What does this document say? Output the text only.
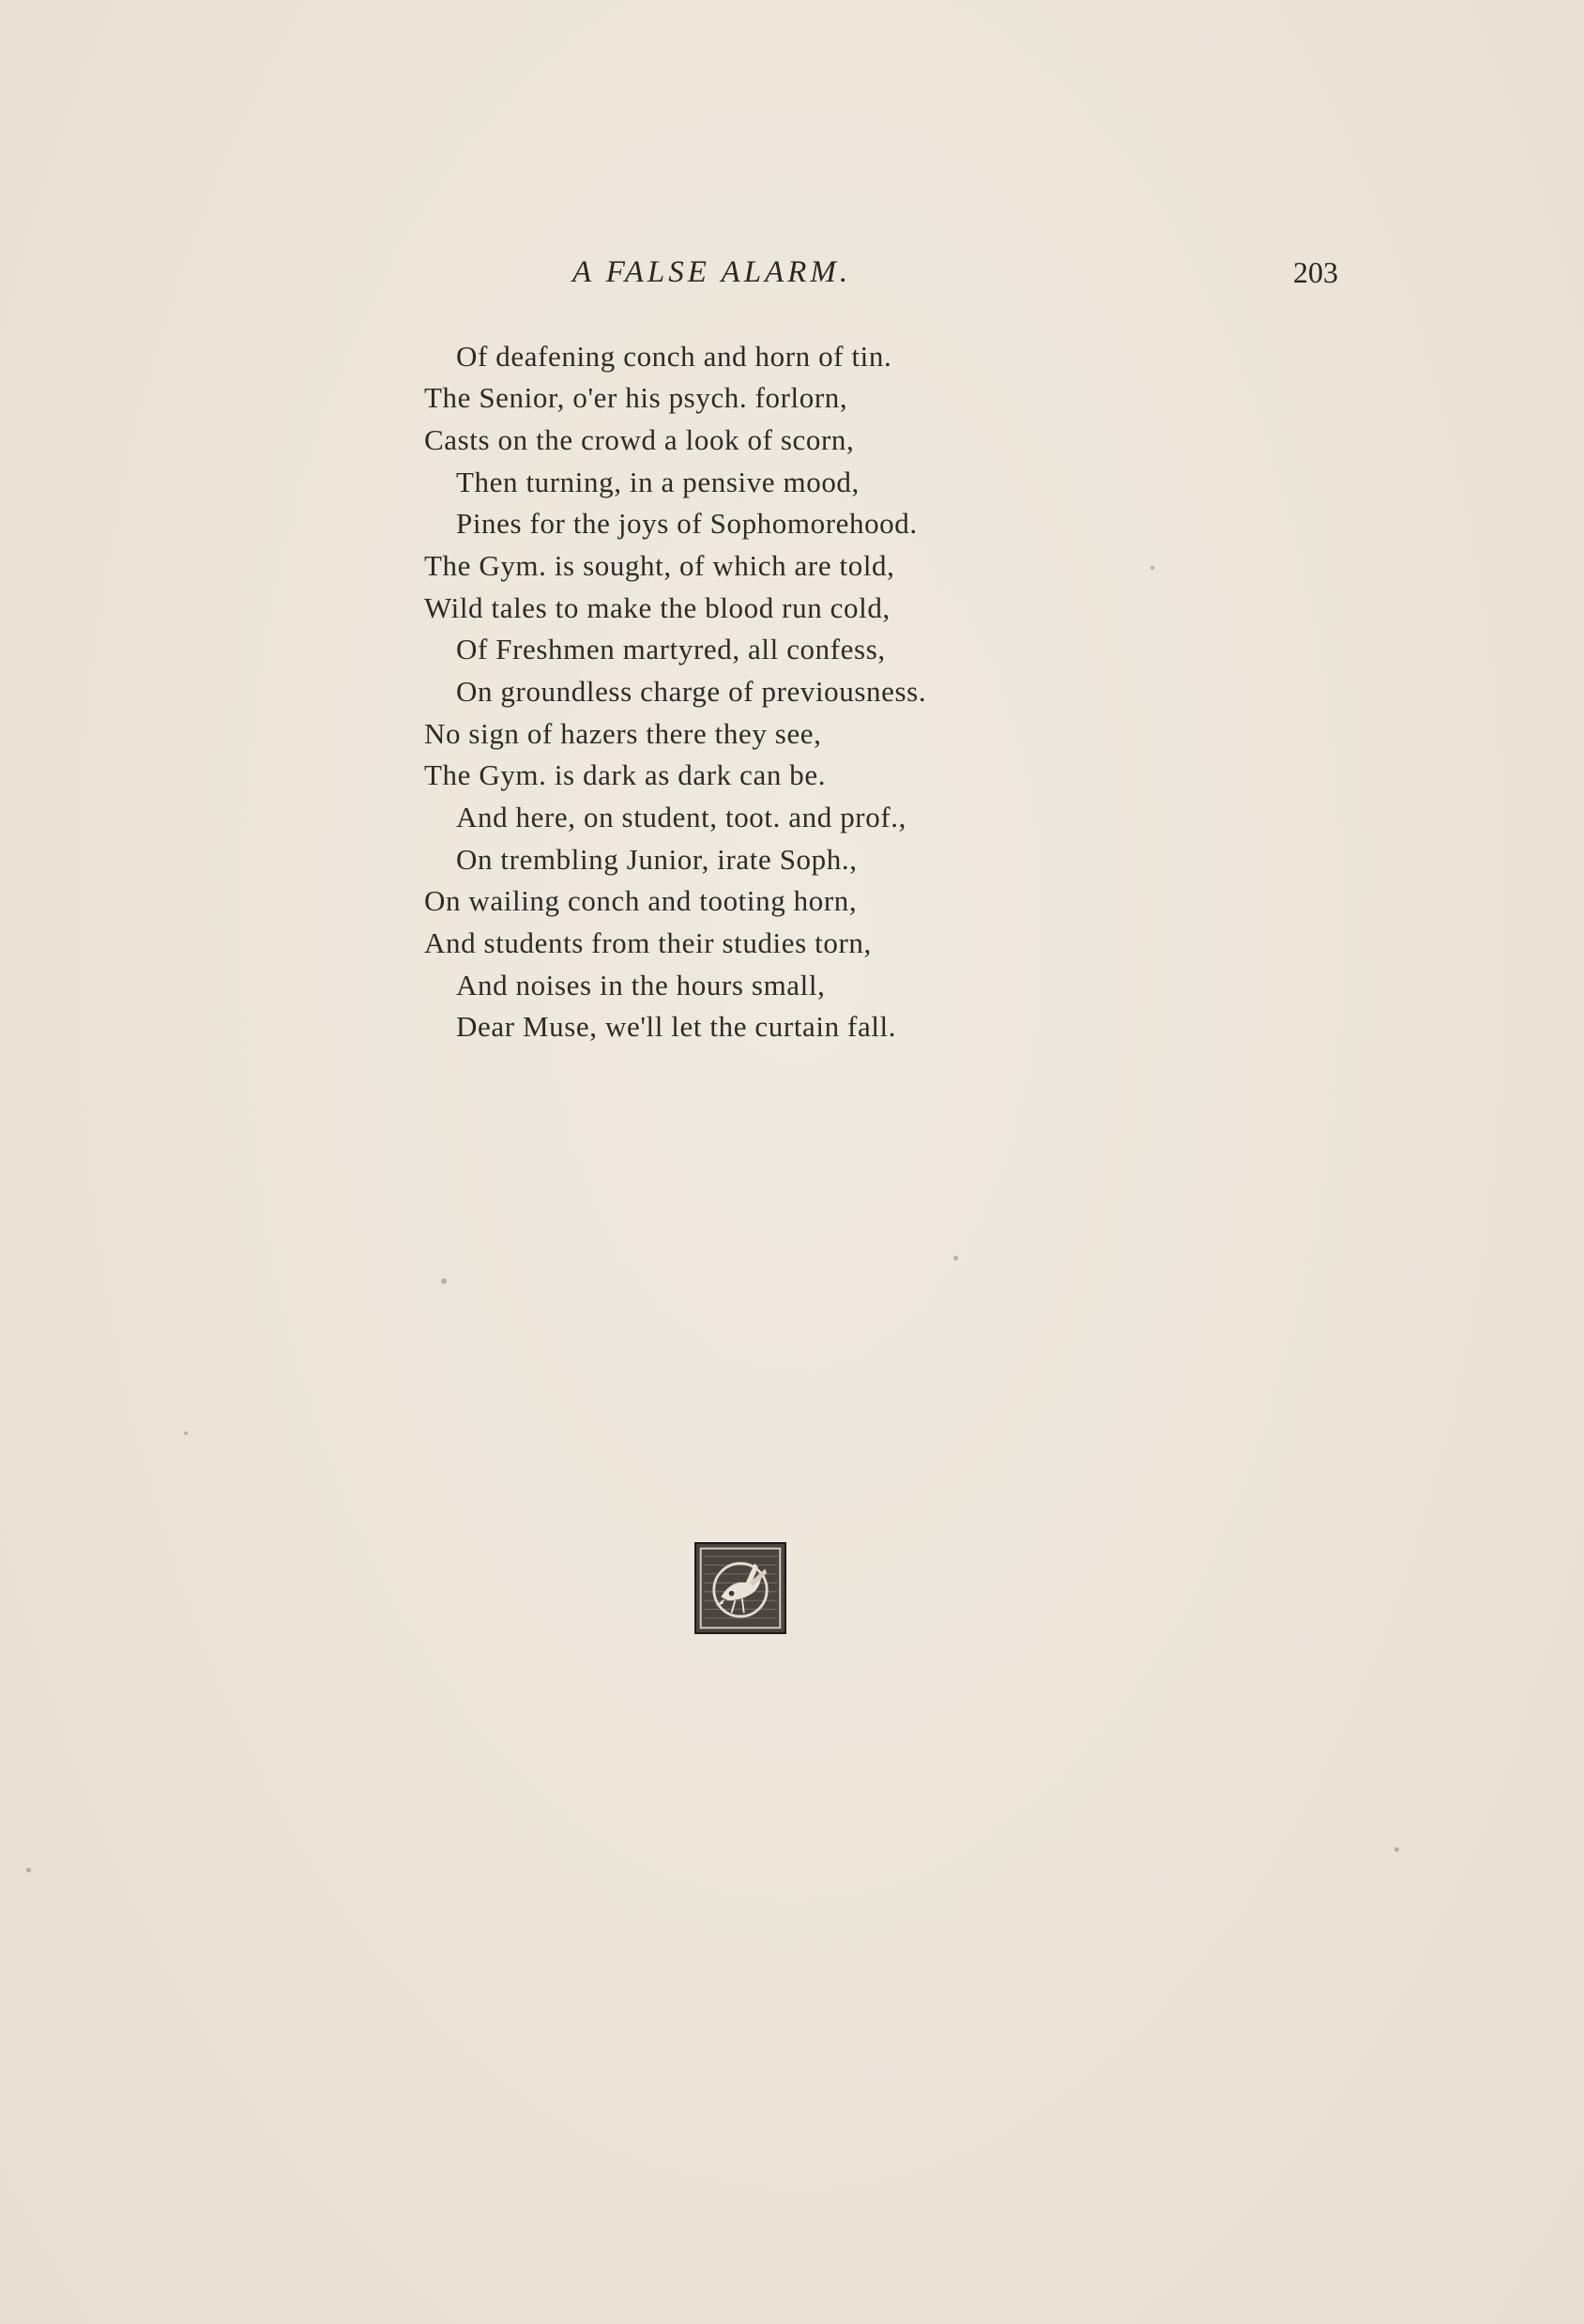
A FALSE ALARM.	203
Of deafening conch and horn of tin.
The Senior, o'er his psych. forlorn,
Casts on the crowd a look of scorn,
Then turning, in a pensive mood,
Pines for the joys of Sophomorehood.
The Gym. is sought, of which are told,
Wild tales to make the blood run cold,
Of Freshmen martyred, all confess,
On groundless charge of previousness.
No sign of hazers there they see,
The Gym. is dark as dark can be.
And here, on student, toot. and prof.,
On trembling Junior, irate Soph.,
On wailing conch and tooting horn,
And students from their studies torn,
And noises in the hours small,
Dear Muse, we'll let the curtain fall.
